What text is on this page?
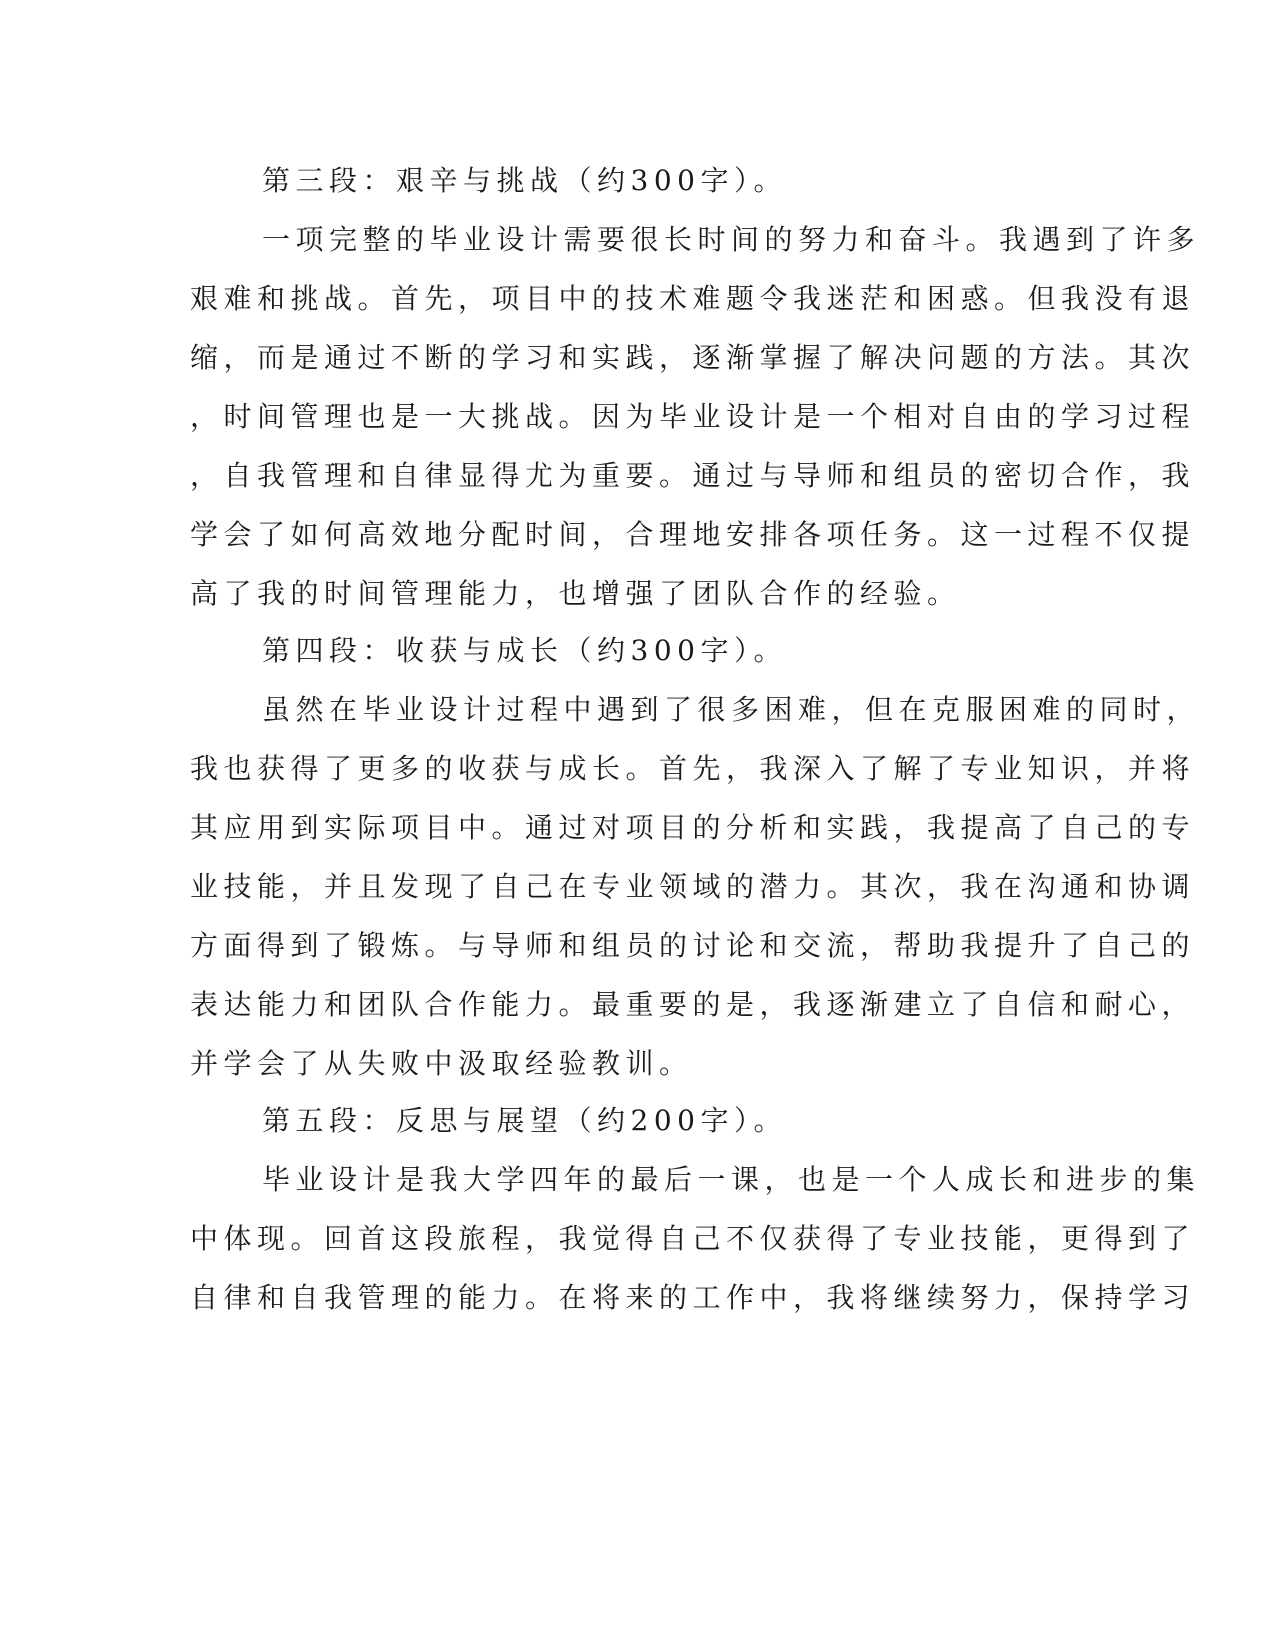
第三段：艰辛与挑战（约300字）。
一项完整的毕业设计需要很长时间的努力和奋斗。我遇到了许多
艰难和挑战。首先，项目中的技术难题令我迷茫和困惑。但我没有退
缩，而是通过不断的学习和实践，逐渐掌握了解决问题的方法。其次
，时间管理也是一大挑战。因为毕业设计是一个相对自由的学习过程
，自我管理和自律显得尤为重要。通过与导师和组员的密切合作，我
学会了如何高效地分配时间，合理地安排各项任务。这一过程不仅提
高了我的时间管理能力，也增强了团队合作的经验。
第四段：收获与成长（约300字）。
虽然在毕业设计过程中遇到了很多困难，但在克服困难的同时，
我也获得了更多的收获与成长。首先，我深入了解了专业知识，并将
其应用到实际项目中。通过对项目的分析和实践，我提高了自己的专
业技能，并且发现了自己在专业领域的潜力。其次，我在沟通和协调
方面得到了锻炼。与导师和组员的讨论和交流，帮助我提升了自己的
表达能力和团队合作能力。最重要的是，我逐渐建立了自信和耐心，
并学会了从失败中汲取经验教训。
第五段：反思与展望（约200字）。
毕业设计是我大学四年的最后一课，也是一个人成长和进步的集
中体现。回首这段旅程，我觉得自己不仅获得了专业技能，更得到了
自律和自我管理的能力。在将来的工作中，我将继续努力，保持学习
